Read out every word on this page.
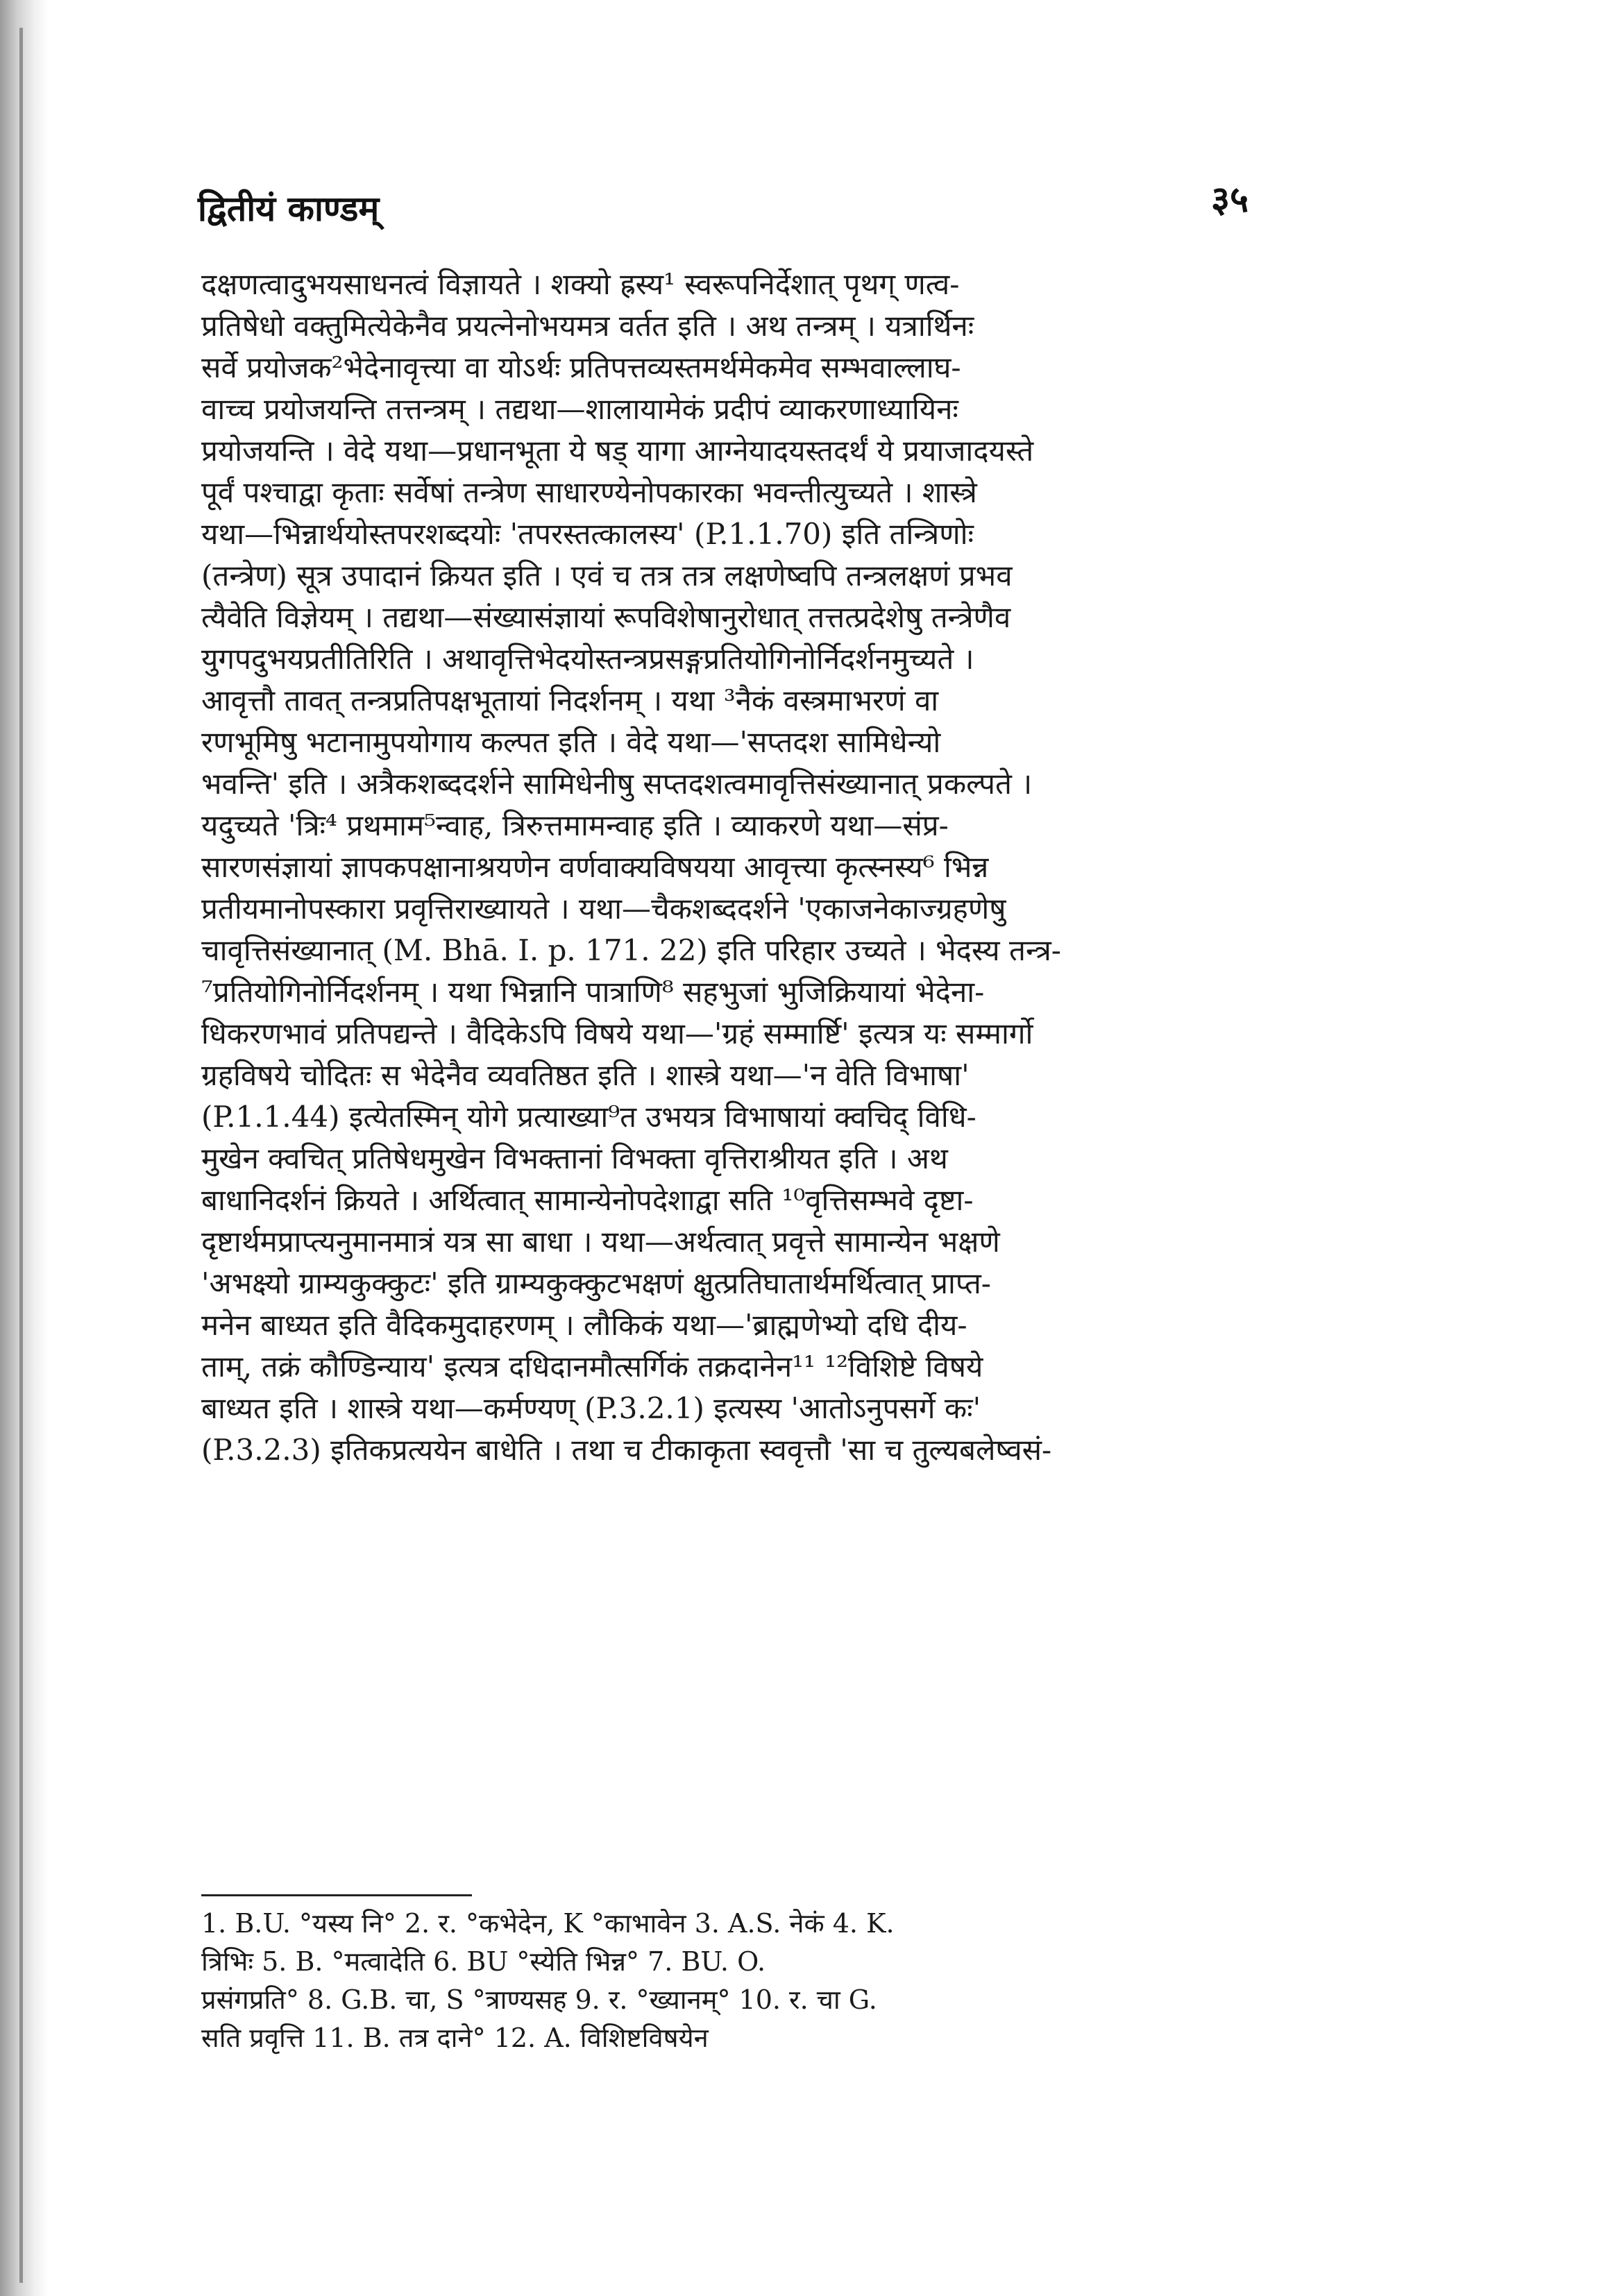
द्वितीयं काण्डम्	३५
दक्षणत्वादुभयसाधनत्वं विज्ञायते । शक्यो ह्रस्य¹ स्वरूपनिर्देशात् पृथग् णत्व-
प्रतिषेधो वक्तुमित्येकेनैव प्रयत्नेनोभयमत्र वर्तत इति । अथ तन्त्रम् । यत्रार्थिनः
सर्वे प्रयोजक²भेदेनावृत्त्या वा योऽर्थः प्रतिपत्तव्यस्तमर्थमेकमेव सम्भवाल्लाघ-
वाच्च प्रयोजयन्ति तत्तन्त्रम् । तद्यथा—शालायामेकं प्रदीपं व्याकरणाध्यायिनः
प्रयोजयन्ति । वेदे यथा—प्रधानभूता ये षड् यागा आग्नेयादयस्तदर्थं ये प्रयाजादयस्ते
पूर्वं पश्चाद्वा कृताः सर्वेषां तन्त्रेण साधारण्येनोपकारका भवन्तीत्युच्यते । शास्त्रे
यथा—भिन्नार्थयोस्तपरशब्दयोः 'तपरस्तत्कालस्य' (P.1.1.70) इति तन्त्रिणोः
(तन्त्रेण) सूत्र उपादानं क्रियत इति । एवं च तत्र तत्र लक्षणेष्वपि तन्त्रलक्षणं प्रभव
त्यैवेति विज्ञेयम् । तद्यथा—संख्यासंज्ञायां रूपविशेषानुरोधात् तत्तत्प्रदेशेषु तन्त्रेणैव
युगपदुभयप्रतीतिरिति । अथावृत्तिभेदयोस्तन्त्रप्रसङ्गप्रतियोगिनोर्निदर्शनमुच्यते ।
आवृत्तौ तावत् तन्त्रप्रतिपक्षभूतायां निदर्शनम् । यथा ³नैकं वस्त्रमाभरणं वा
रणभूमिषु भटानामुपयोगाय कल्पत इति । वेदे यथा—'सप्तदश सामिधेन्यो
भवन्ति' इति । अत्रैकशब्ददर्शने सामिधेनीषु सप्तदशत्वमावृत्तिसंख्यानात् प्रकल्पते ।
यदुच्यते 'त्रिः⁴ प्रथमाम⁵न्वाह, त्रिरुत्तमामन्वाह इति । व्याकरणे यथा—संप्र-
सारणसंज्ञायां ज्ञापकपक्षानाश्रयणेन वर्णवाक्यविषयया आवृत्त्या कृत्स्नस्य⁶ भिन्न
प्रतीयमानोपस्कारा प्रवृत्तिराख्यायते । यथा—चैकशब्ददर्शने 'एकाजनेकाज्ग्रहणेषु
चावृत्तिसंख्यानात् (M. Bhā. I. p. 171. 22) इति परिहार उच्यते । भेदस्य तन्त्र-
⁷प्रतियोगिनोर्निदर्शनम् । यथा भिन्नानि पात्राणि⁸ सहभुजां भुजिक्रियायां भेदेना-
धिकरणभावं प्रतिपद्यन्ते । वैदिकेऽपि विषये यथा—'ग्रहं सम्मार्ष्टि' इत्यत्र यः सम्मार्गो
ग्रहविषये चोदितः स भेदेनैव व्यवतिष्ठत इति । शास्त्रे यथा—'न वेति विभाषा'
(P.1.1.44) इत्येतस्मिन् योगे प्रत्याख्या⁹त उभयत्र विभाषायां क्वचिद् विधि-
मुखेन क्वचित् प्रतिषेधमुखेन विभक्तानां विभक्ता वृत्तिराश्रीयत इति । अथ
बाधानिदर्शनं क्रियते । अर्थित्वात् सामान्येनोपदेशाद्वा सति ¹⁰वृत्तिसम्भवे दृष्टा-
दृष्टार्थमप्राप्त्यनुमानमात्रं यत्र सा बाधा । यथा—अर्थत्वात् प्रवृत्ते सामान्येन भक्षणे
'अभक्ष्यो ग्राम्यकुक्कुटः' इति ग्राम्यकुक्कुटभक्षणं क्षुत्प्रतिघातार्थमर्थित्वात् प्राप्त-
मनेन बाध्यत इति वैदिकमुदाहरणम् । लौकिकं यथा—'ब्राह्मणेभ्यो दधि दीय-
ताम्, तक्रं कौण्डिन्याय' इत्यत्र दधिदानमौत्सर्गिकं तक्रदानेन¹¹ ¹²विशिष्टे विषये
बाध्यत इति । शास्त्रे यथा—कर्मण्यण् (P.3.2.1) इत्यस्य 'आतोऽनुपसर्गे कः'
(P.3.2.3) इतिकप्रत्ययेन बाधेति । तथा च टीकाकृता स्ववृत्तौ 'सा च तुल्यबलेष्वसं-
1. B.U. °यस्य नि° 2. र. °कभेदेन, K °काभावेन 3. A.S. नेकं 4. K.
त्रिभिः 5. B. °मत्वादेति 6. BU °स्येति भिन्न° 7. BU. O.
प्रसंगप्रति° 8. G.B. चा, S °त्राण्यसह 9. र. °ख्यानम्° 10. र. चा G.
सति प्रवृत्ति 11. B. तत्र दाने° 12. A. विशिष्टविषयेन
